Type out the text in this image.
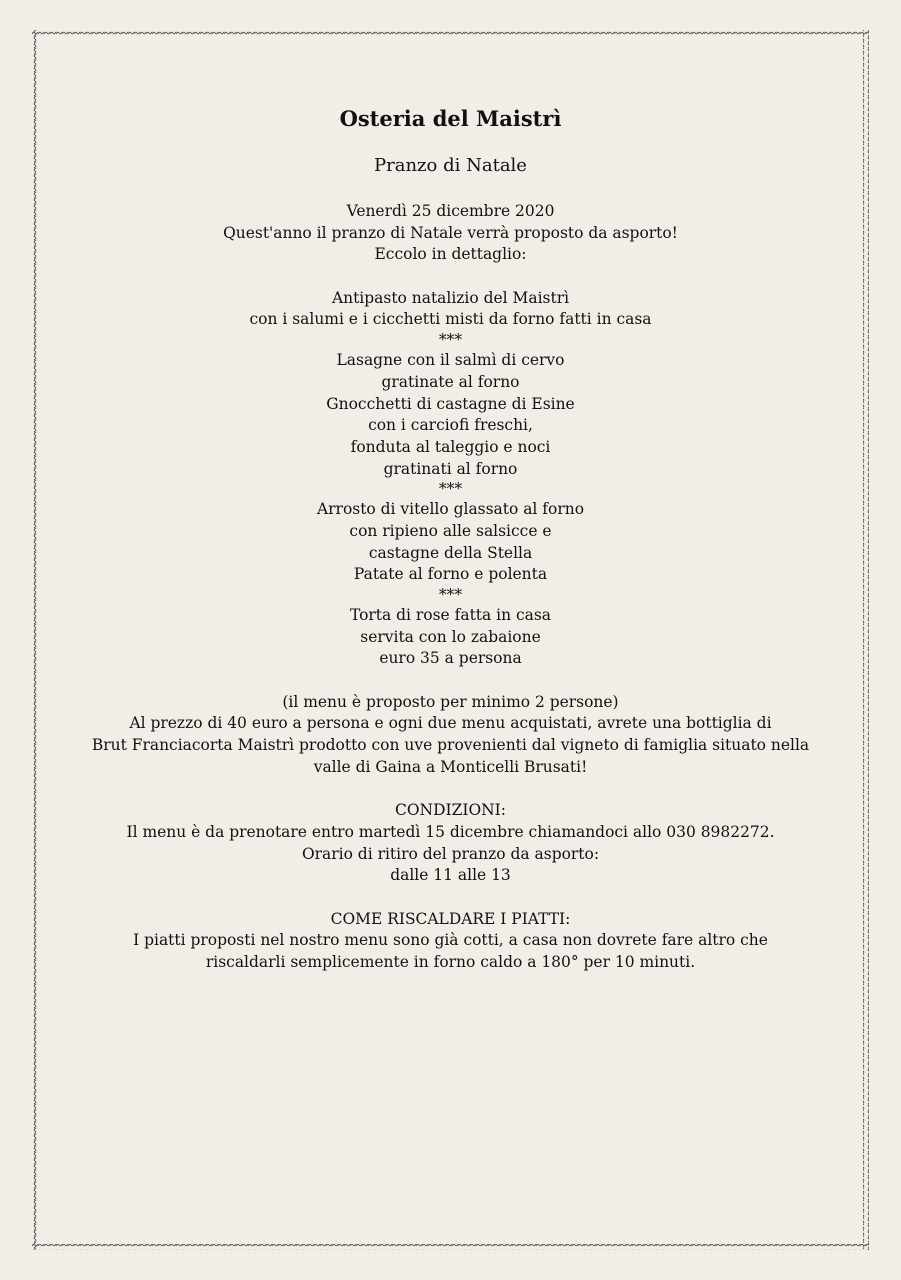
Osteria del Maistrì
Pranzo di Natale
Venerdì 25 dicembre 2020
Quest'anno il pranzo di Natale verrà proposto da asporto!
Eccolo in dettaglio:
Antipasto natalizio del Maistrì
con i salumi e i cicchetti misti da forno fatti in casa
***
Lasagne con il salmì di cervo
gratinate al forno
Gnocchetti di castagne di Esine
con i carciofi freschi,
fonduta al taleggio e noci
gratinati al forno
***
Arrosto di vitello glassato al forno
con ripieno alle salsicce e
castagne della Stella
Patate al forno e polenta
***
Torta di rose fatta in casa
servita con lo zabaione
euro 35 a persona
(il menu è proposto per minimo 2 persone)
Al prezzo di 40 euro a persona e ogni due menu acquistati, avrete una bottiglia di
Brut Franciacorta Maistrì prodotto con uve provenienti dal vigneto di famiglia situato nella
valle di Gaina a Monticelli Brusati!
CONDIZIONI:
Il menu è da prenotare entro martedì 15 dicembre chiamandoci allo 030 8982272.
Orario di ritiro del pranzo da asporto:
dalle 11 alle 13
COME RISCALDARE I PIATTI:
I piatti proposti nel nostro menu sono già cotti, a casa non dovrete fare altro che
riscaldarli semplicemente in forno caldo a 180° per 10 minuti.
